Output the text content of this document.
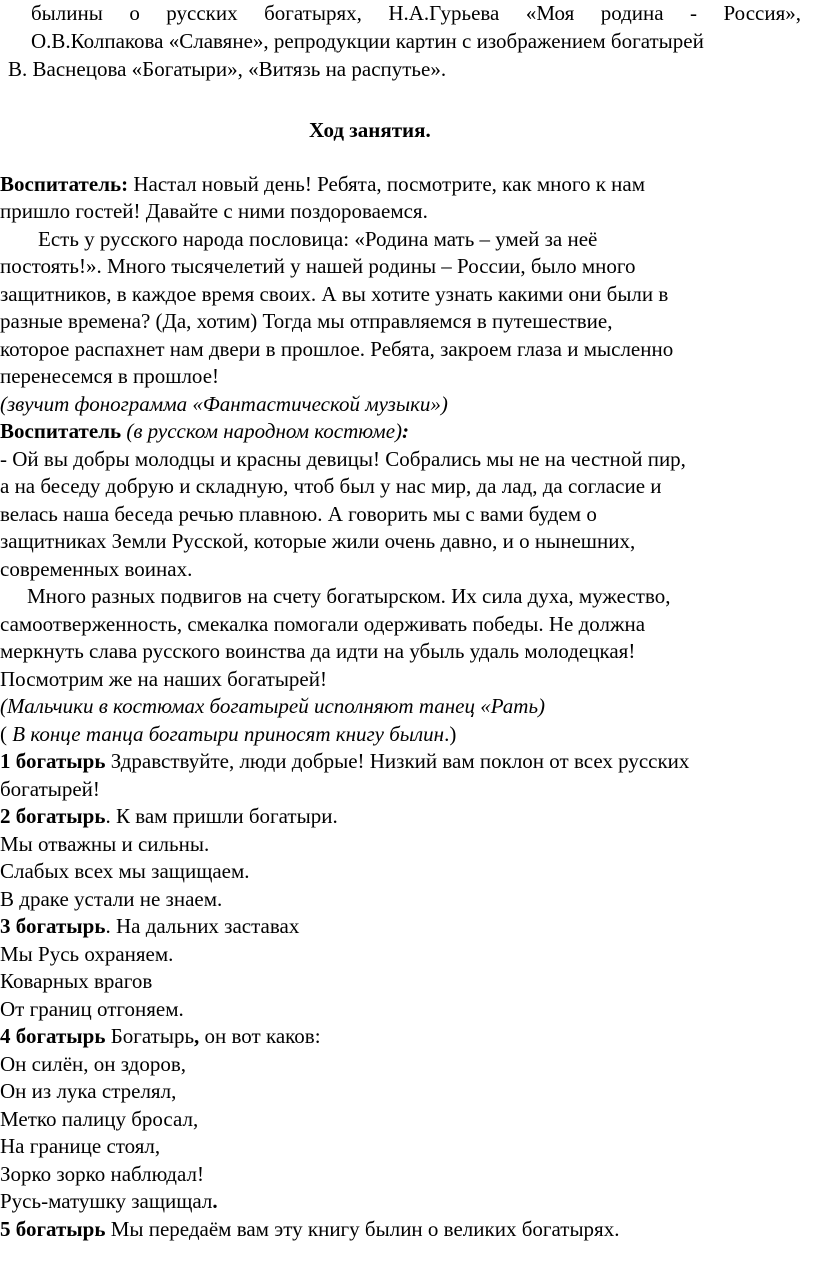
былины о русских богатырях, Н.А.Гурьева «Моя родина - Россия»,
О.В.Колпакова «Славяне», репродукции картин с изображением богатырей
В. Васнецова «Богатыри», «Витязь на распутье».
Ход занятия.
Воспитатель: Настал новый день! Ребята, посмотрите, как много к нам
пришло гостей! Давайте с ними поздороваемся.
Есть у русского народа пословица: «Родина мать – умей за неё
постоять!». Много тысячелетий у нашей родины – России, было много
защитников, в каждое время своих. А вы хотите узнать какими они были в
разные времена? (Да, хотим) Тогда мы отправляемся в путешествие,
которое распахнет нам двери в прошлое. Ребята, закроем глаза и мысленно
перенесемся в прошлое!
(звучит фонограмма «Фантастической музыки»)
Воспитатель (в русском народном костюме):
- Ой вы добры молодцы и красны девицы! Собрались мы не на честной пир,
а на беседу добрую и складную, чтоб был у нас мир, да лад, да согласие и
велась наша беседа речью плавною. А говорить мы с вами будем о
защитниках Земли Русской, которые жили очень давно, и о нынешних,
современных воинах.
Много разных подвигов на счету богатырском. Их сила духа, мужество,
самоотверженность, смекалка помогали одерживать победы. Не должна
меркнуть слава русского воинства да идти на убыль удаль молодецкая!
Посмотрим же на наших богатырей!
(Мальчики в костюмах богатырей исполняют танец «Рать)
( В конце танца богатыри приносят книгу былин.)
1 богатырь Здравствуйте, люди добрые! Низкий вам поклон от всех русских
богатырей!
2 богатырь. К вам пришли богатыри.
Мы отважны и сильны.
Слабых всех мы защищаем.
В драке устали не знаем.
3 богатырь. На дальних заставах
Мы Русь охраняем.
Коварных врагов
От границ отгоняем.
4 богатырь Богатырь, он вот каков:
Он силён, он здоров,
Он из лука стрелял,
Метко палицу бросал,
На границе стоял,
Зорко зорко наблюдал!
Русь-матушку защищал.
5 богатырь Мы передаём вам эту книгу былин о великих богатырях.
